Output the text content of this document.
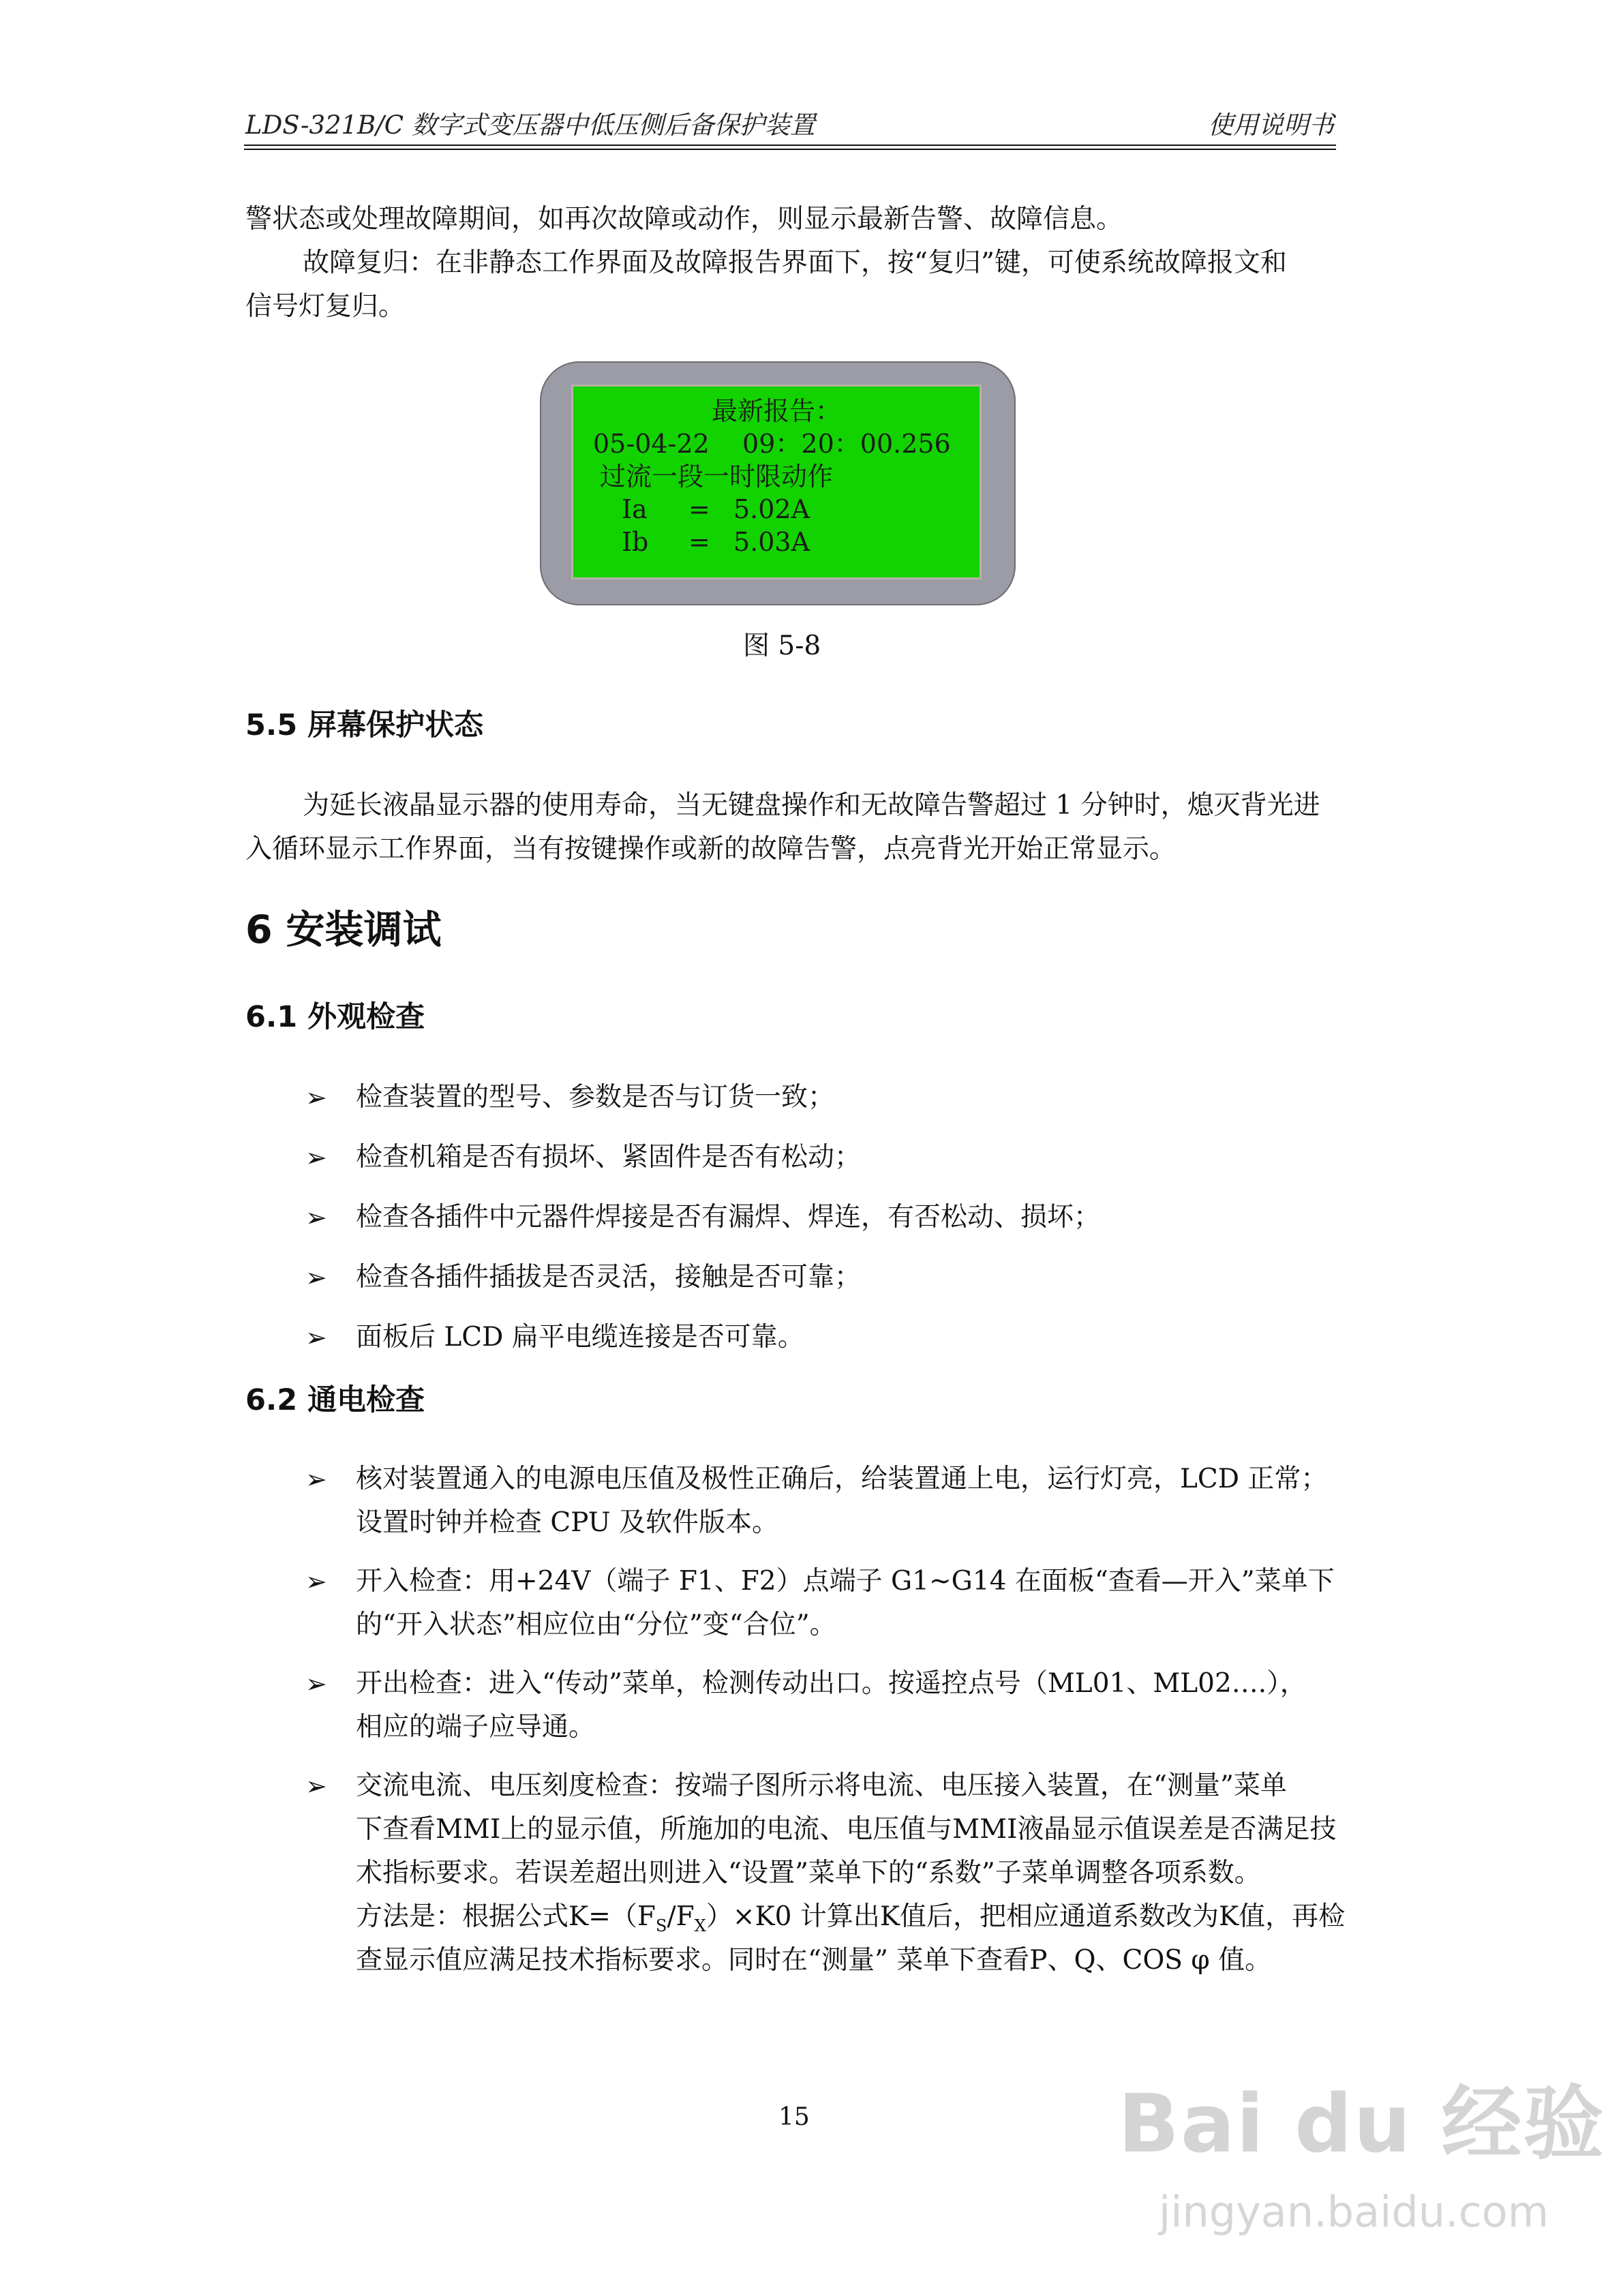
LDS-321B/C 数字式变压器中低压侧后备保护装置	使用说明书
警状态或处理故障期间，如再次故障或动作，则显示最新告警、故障信息。
故障复归：在非静态工作界面及故障报告界面下，按“复归”键，可使系统故障报文和
信号灯复归。
最新报告：
05-04-22    09：20：00.256
过流一段一时限动作
Ia = 5.02A
Ib = 5.03A
图 5-8
5.5 屏幕保护状态
为延长液晶显示器的使用寿命，当无键盘操作和无故障告警超过 1 分钟时，熄灭背光进
入循环显示工作界面，当有按键操作或新的故障告警，点亮背光开始正常显示。
6 安装调试
6.1 外观检查
➢ 检查装置的型号、参数是否与订货一致；
➢ 检查机箱是否有损坏、紧固件是否有松动；
➢ 检查各插件中元器件焊接是否有漏焊、焊连，有否松动、损坏；
➢ 检查各插件插拔是否灵活，接触是否可靠；
➢ 面板后 LCD 扁平电缆连接是否可靠。
6.2 通电检查
➢ 核对装置通入的电源电压值及极性正确后，给装置通上电，运行灯亮，LCD 正常；
设置时钟并检查 CPU 及软件版本。
➢ 开入检查：用+24V（端子 F1、F2）点端子 G1~G14 在面板“查看—开入”菜单下
的“开入状态”相应位由“分位”变“合位”。
➢ 开出检查：进入“传动”菜单，检测传动出口。按遥控点号（ML01、ML02….），
相应的端子应导通。
➢ 交流电流、电压刻度检查：按端子图所示将电流、电压接入装置，在“测量”菜单
下查看MMI上的显示值，所施加的电流、电压值与MMI液晶显示值误差是否满足技
术指标要求。若误差超出则进入“设置”菜单下的“系数”子菜单调整各项系数。
方法是：根据公式$K=(F_S/F_X)\times K0$ 计算出K值后，把相应通道系数改为K值，再检
查显示值应满足技术指标要求。同时在“测量” 菜单下查看P、Q、COS φ 值。
15	Bai du 经验
jingyan.baidu.com
